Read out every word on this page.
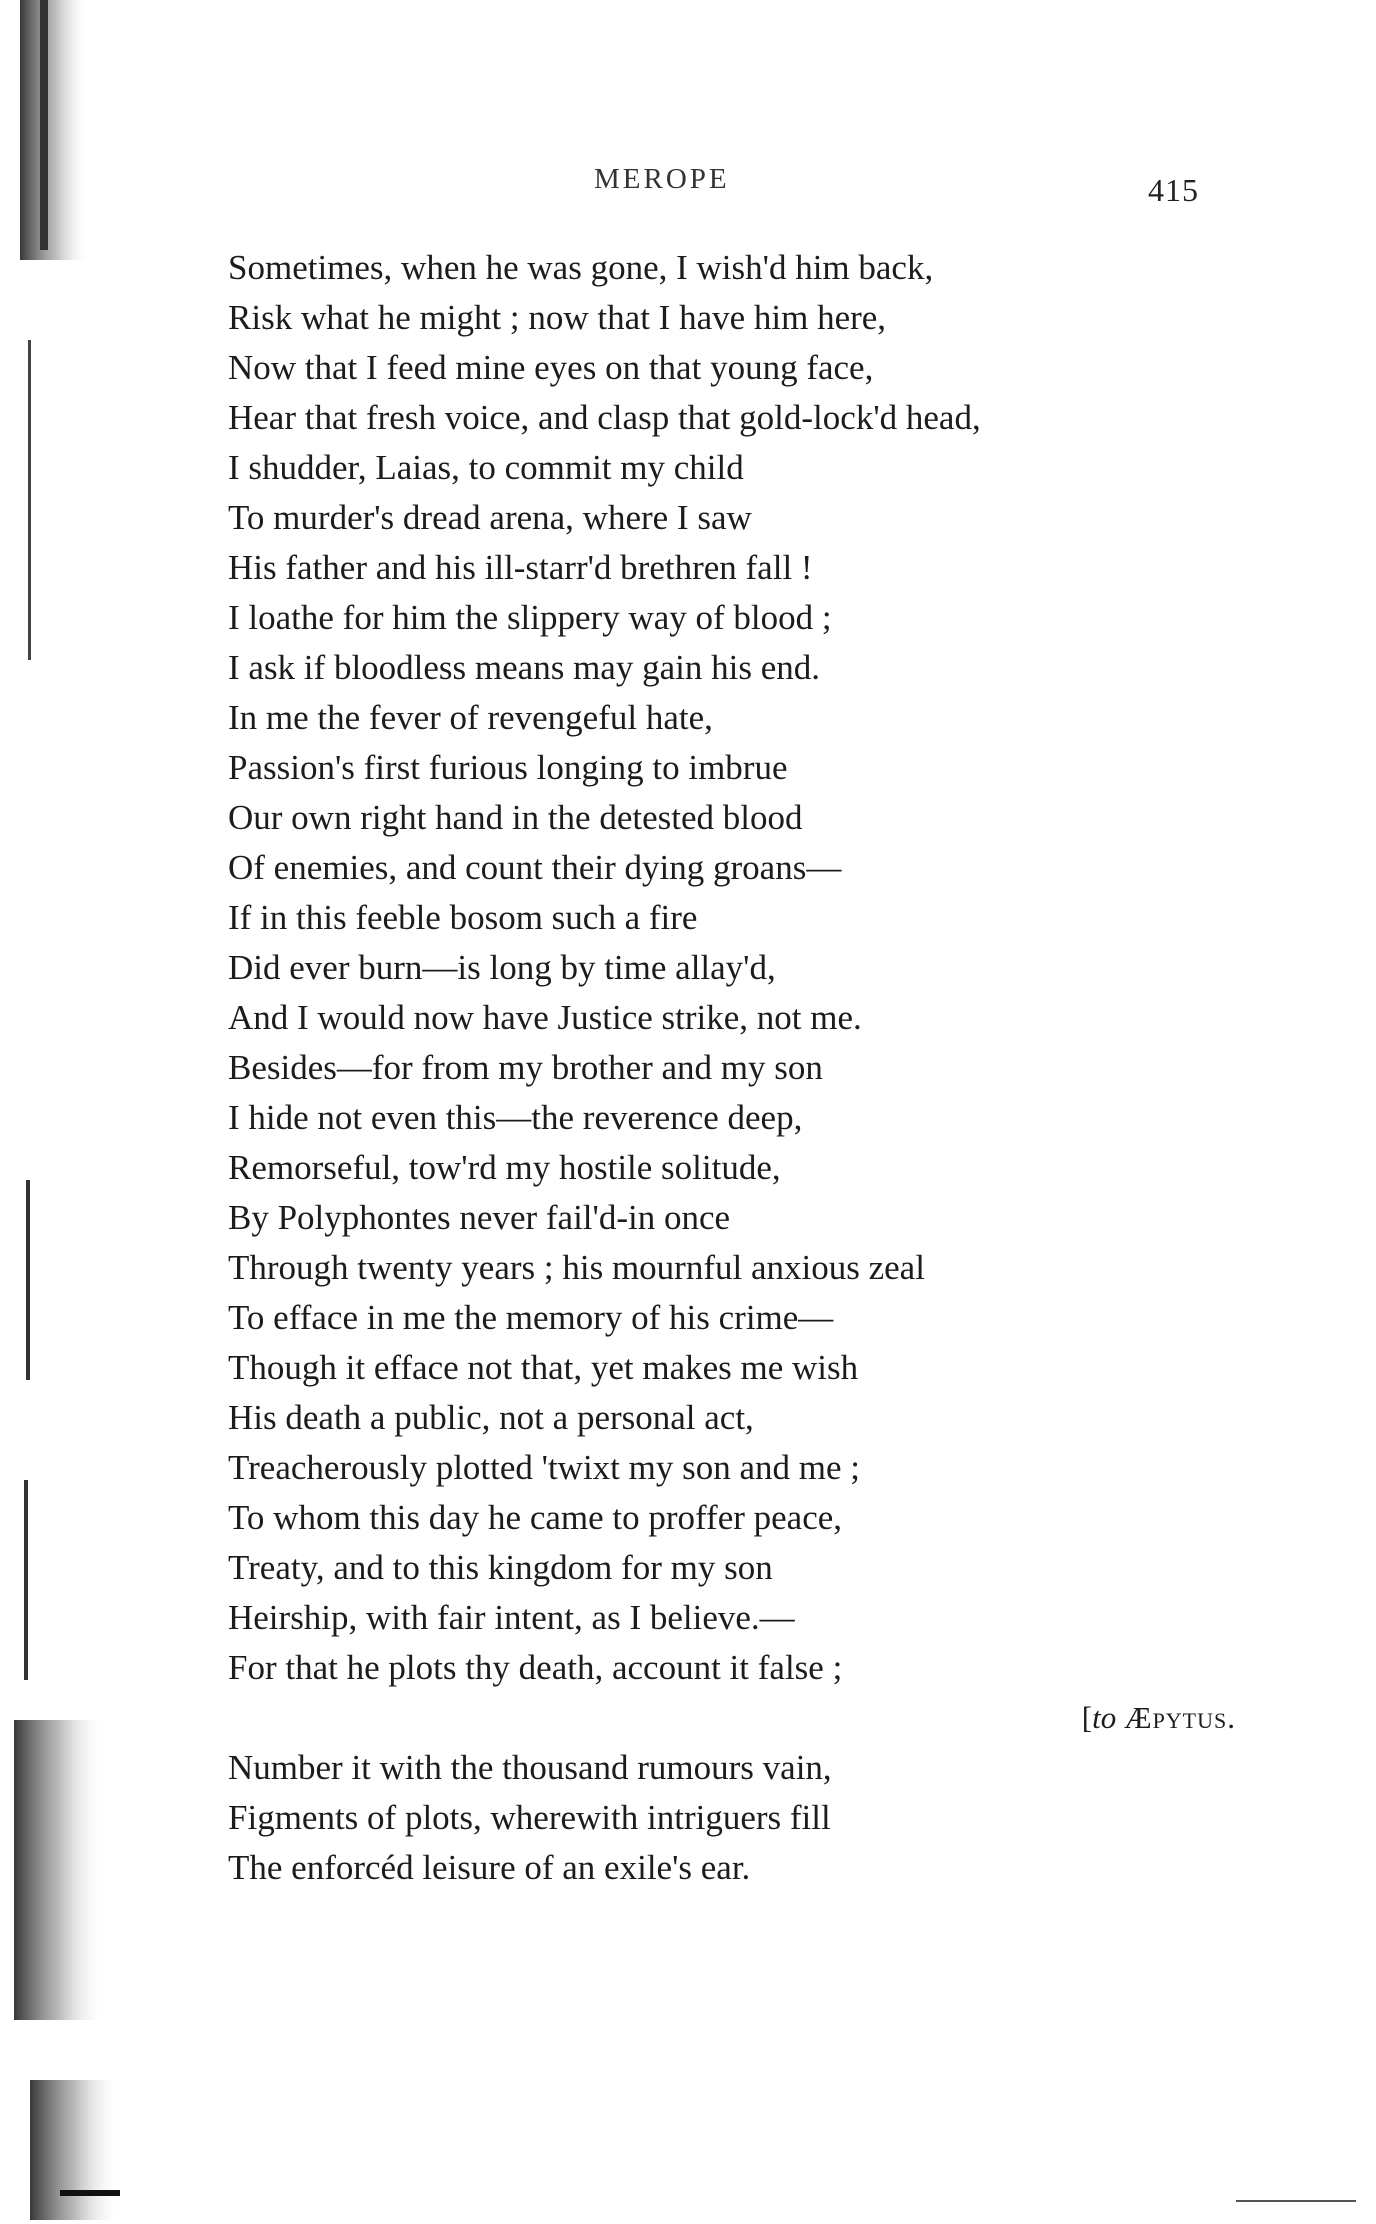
MEROPE	415
Sometimes, when he was gone, I wish'd him back,
Risk what he might ; now that I have him here,
Now that I feed mine eyes on that young face,
Hear that fresh voice, and clasp that gold-lock'd head,
I shudder, Laias, to commit my child
To murder's dread arena, where I saw
His father and his ill-starr'd brethren fall !
I loathe for him the slippery way of blood ;
I ask if bloodless means may gain his end.
In me the fever of revengeful hate,
Passion's first furious longing to imbrue
Our own right hand in the detested blood
Of enemies, and count their dying groans—
If in this feeble bosom such a fire
Did ever burn—is long by time allay'd,
And I would now have Justice strike, not me.
Besides—for from my brother and my son
I hide not even this—the reverence deep,
Remorseful, tow'rd my hostile solitude,
By Polyphontes never fail'd-in once
Through twenty years ; his mournful anxious zeal
To efface in me the memory of his crime—
Though it efface not that, yet makes me wish
His death a public, not a personal act,
Treacherously plotted 'twixt my son and me ;
To whom this day he came to proffer peace,
Treaty, and to this kingdom for my son
Heirship, with fair intent, as I believe.—
For that he plots thy death, account it false ;
[to Æpytus.
Number it with the thousand rumours vain,
Figments of plots, wherewith intriguers fill
The enforcéd leisure of an exile's ear.
